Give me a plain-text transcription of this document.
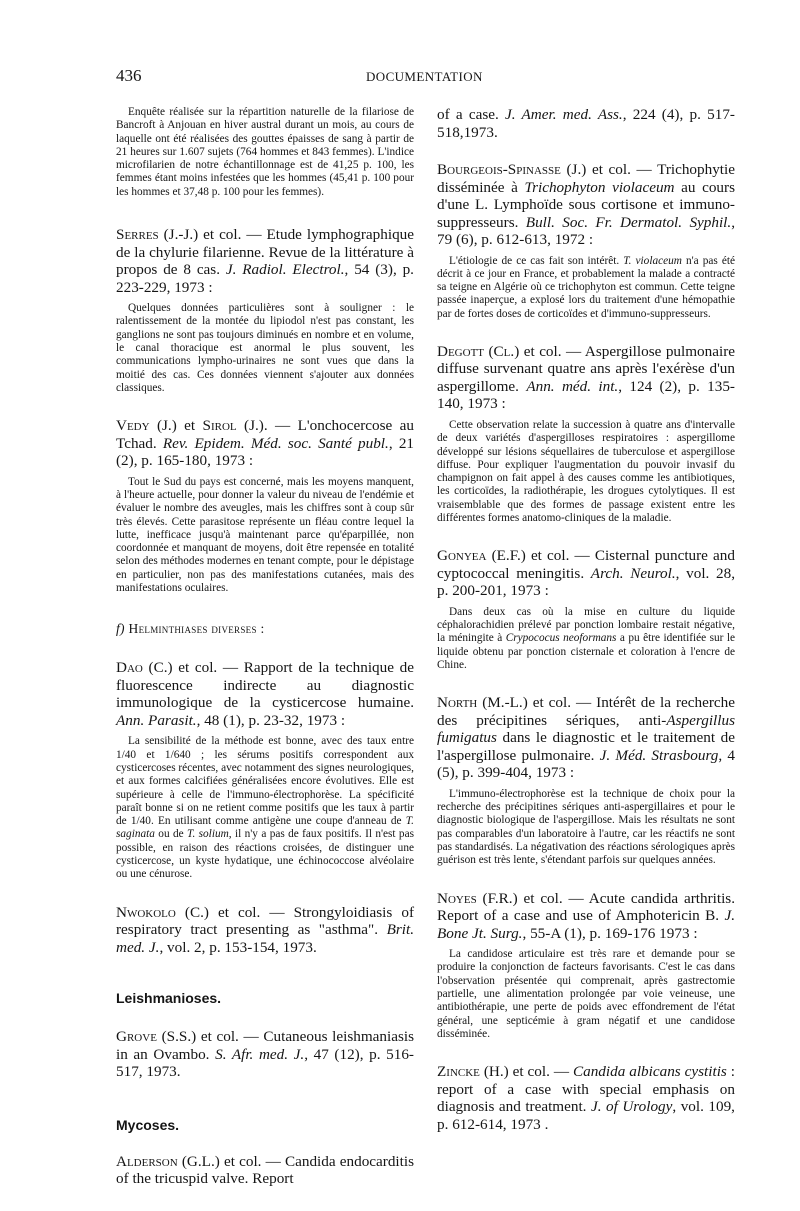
436	DOCUMENTATION

Enquête réalisée sur la répartition naturelle de la filariose de Bancroft à Anjouan en hiver austral durant un mois, au cours de laquelle ont été réalisées des gouttes épaisses de sang à partir de 21 heures sur 1.607 sujets (764 hommes et 843 femmes). L'indice microfilarien de notre échantillonnage est de 41,25 p. 100, les femmes étant moins infestées que les hommes (45,41 p. 100 pour les hommes et 37,48 p. 100 pour les femmes).

Serres (J.-J.) et col. — Etude lymphographique de la chylurie filarienne. Revue de la littérature à propos de 8 cas. J. Radiol. Electrol., 54 (3), p. 223-229, 1973 :

Quelques données particulières sont à souligner : le ralentissement de la montée du lipiodol n'est pas constant, les ganglions ne sont pas toujours diminués en nombre et en volume, le canal thoracique est anormal le plus souvent, les communications lympho-urinaires ne sont vues que dans la moitié des cas. Ces données viennent s'ajouter aux données classiques.

Vedy (J.) et Sirol (J.). — L'onchocercose au Tchad. Rev. Epidem. Méd. soc. Santé publ., 21 (2), p. 165-180, 1973 :

Tout le Sud du pays est concerné, mais les moyens manquent, à l'heure actuelle, pour donner la valeur du niveau de l'endémie et évaluer le nombre des aveugles, mais les chiffres sont à coup sûr très élevés. Cette parasitose représente un fléau contre lequel la lutte, inefficace jusqu'à maintenant parce qu'éparpillée, non coordonnée et manquant de moyens, doit être repensée en totalité selon des méthodes modernes en tenant compte, pour le dépistage en particulier, non pas des manifestations cutanées, mais des manifestations oculaires.

f) Helminthiases diverses :

Dao (C.) et col. — Rapport de la technique de fluorescence indirecte au diagnostic immunologique de la cysticercose humaine. Ann. Parasit., 48 (1), p. 23-32, 1973 :

La sensibilité de la méthode est bonne, avec des taux entre 1/40 et 1/640 ; les sérums positifs correspondent aux cysticercoses récentes, avec notamment des signes neurologiques, et aux formes calcifiées généralisées encore évolutives. Elle est supérieure à celle de l'immuno-électrophorèse. La spécificité paraît bonne si on ne retient comme positifs que les taux à partir de 1/40. En utilisant comme antigène une coupe d'anneau de T. saginata ou de T. solium, il n'y a pas de faux positifs. Il n'est pas possible, en raison des réactions croisées, de distinguer une cysticercose, un kyste hydatique, une échinococcose alvéolaire ou une cénurose.

Nwokolo (C.) et col. — Strongyloidiasis of respiratory tract presenting as "asthma". Brit. med. J., vol. 2, p. 153-154, 1973.

Leishmanioses.

Grove (S.S.) et col. — Cutaneous leishmaniasis in an Ovambo. S. Afr. med. J., 47 (12), p. 516-517, 1973.

Mycoses.

Alderson (G.L.) et col. — Candida endocarditis of the tricuspid valve. Report

of a case. J. Amer. med. Ass., 224 (4), p. 517-518,1973.

Bourgeois-Spinasse (J.) et col. — Trichophytie disséminée à Trichophyton violaceum au cours d'une L. Lymphoïde sous cortisone et immuno-suppresseurs. Bull. Soc. Fr. Dermatol. Syphil., 79 (6), p. 612-613, 1972 :

L'étiologie de ce cas fait son intérêt. T. violaceum n'a pas été décrit à ce jour en France, et probablement la malade a contracté sa teigne en Algérie où ce trichophyton est commun. Cette teigne passée inaperçue, a explosé lors du traitement d'une hémopathie par de fortes doses de corticoïdes et d'immuno-suppresseurs.

Degott (Cl.) et col. — Aspergillose pulmonaire diffuse survenant quatre ans après l'exérèse d'un aspergillome. Ann. méd. int., 124 (2), p. 135-140, 1973 :

Cette observation relate la succession à quatre ans d'intervalle de deux variétés d'aspergilloses respiratoires : aspergillome développé sur lésions séquellaires de tuberculose et aspergillose diffuse. Pour expliquer l'augmentation du pouvoir invasif du champignon on fait appel à des causes comme les antibiotiques, les corticoïdes, la radiothérapie, les drogues cytolytiques. Il est vraisemblable que des formes de passage existent entre les différentes formes anatomo-cliniques de la maladie.

Gonyea (E.F.) et col. — Cisternal puncture and cyptococcal meningitis. Arch. Neurol., vol. 28, p. 200-201, 1973 :

Dans deux cas où la mise en culture du liquide céphalorachidien prélevé par ponction lombaire restait négative, la méningite à Crypococus neoformans a pu être identifiée sur le liquide obtenu par ponction cisternale et coloration à l'encre de Chine.

North (M.-L.) et col. — Intérêt de la recherche des précipitines sériques, anti-Aspergillus fumigatus dans le diagnostic et le traitement de l'aspergillose pulmonaire. J. Méd. Strasbourg, 4 (5), p. 399-404, 1973 :

L'immuno-électrophorèse est la technique de choix pour la recherche des précipitines sériques anti-aspergillaires et pour le diagnostic biologique de l'aspergillose. Mais les résultats ne sont pas comparables d'un laboratoire à l'autre, car les réactifs ne sont pas standardisés. La négativation des réactions sérologiques après guérison est très lente, s'étendant parfois sur quelques années.

Noyes (F.R.) et col. — Acute candida arthritis. Report of a case and use of Amphotericin B. J. Bone Jt. Surg., 55-A (1), p. 169-176 1973 :

La candidose articulaire est très rare et demande pour se produire la conjonction de facteurs favorisants. C'est le cas dans l'observation présentée qui comprenait, après gastrectomie partielle, une alimentation prolongée par voie veineuse, une antibiothérapie, une perte de poids avec effondrement de l'état général, une septicémie à gram négatif et une candidose disséminée.

Zincke (H.) et col. — Candida albicans cystitis : report of a case with special emphasis on diagnosis and treatment. J. of Urology, vol. 109, p. 612-614, 1973 .
